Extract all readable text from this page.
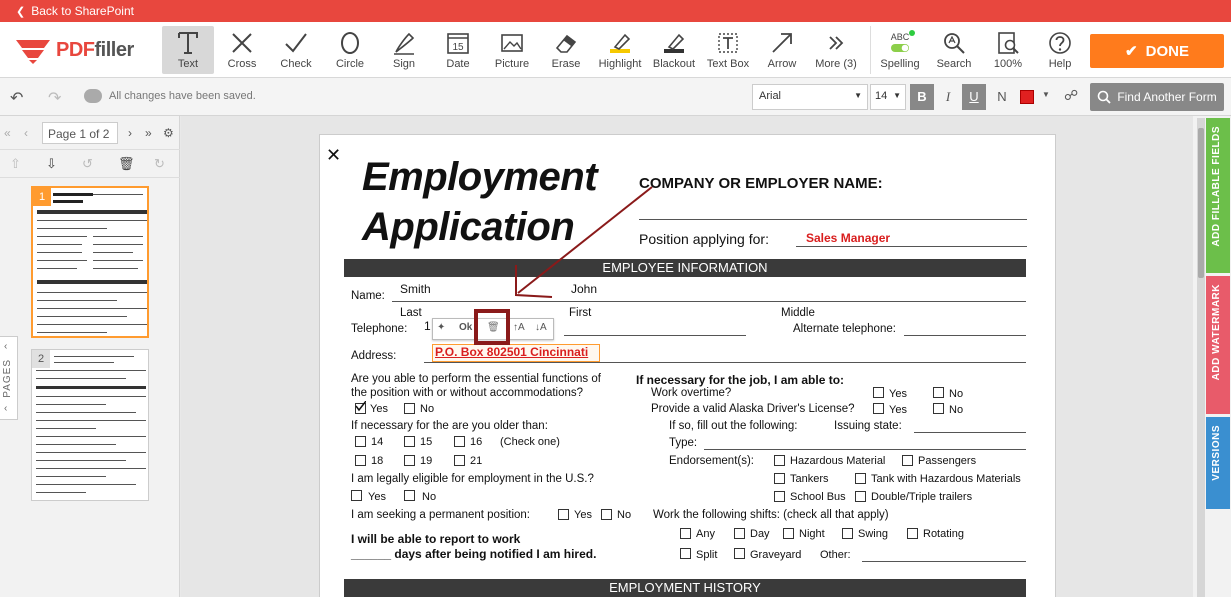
❮ Back to SharePoint
PDFfiller
Text	Cross	Check	Circle	Sign
15
Date	Picture	Erase	Highlight	Blackout	Text Box	Arrow	More (3)
ABC
Spelling	Search	100%	Help
✔ DONE
↶ ↷	All changes have been saved.	Arial	▼	14 ▼	B	I	U	N	▼ ☍	Find Another Form
« ‹	Page 1 of 2	› » ⚙
⇧ ⇩ ↺ 🗑 ↻
1
2
‹
PAGES
‹
✕ Employment
Application
COMPANY OR EMPLOYER NAME:
Position applying for:	Sales Manager
EMPLOYEE INFORMATION
Name: Smith	John
Last	First	Middle
Telephone: 1	Alternate telephone:
Address:	P.O. Box 802501 Cincinnati
✦ Ok 🗑 ↑A ↓A
Are you able to perform the essential functions of
the position with or without accommodations?
Yes	No
If necessary for the are you older than:
14	15	16 (Check one)
18	19	21
I am legally eligible for employment in the U.S.?
Yes	No
I am seeking a permanent position:	Yes No
I will be able to report to work
______ days after being notified I am hired.
If necessary for the job, I am able to:
Work overtime?	Yes	No
Provide a valid Alaska Driver's License?	Yes	No
If so, fill out the following:	Issuing state:
Type:
Endorsement(s):	Hazardous Material	Passengers
Tankers	Tank with Hazardous Materials
School Bus Double/Triple trailers
Work the following shifts: (check all that apply)
Any	Day	Night	Swing	Rotating
Split	Graveyard Other:
EMPLOYMENT HISTORY
ADD FILLABLE FIELDS
ADD WATERMARK
VERSIONS
